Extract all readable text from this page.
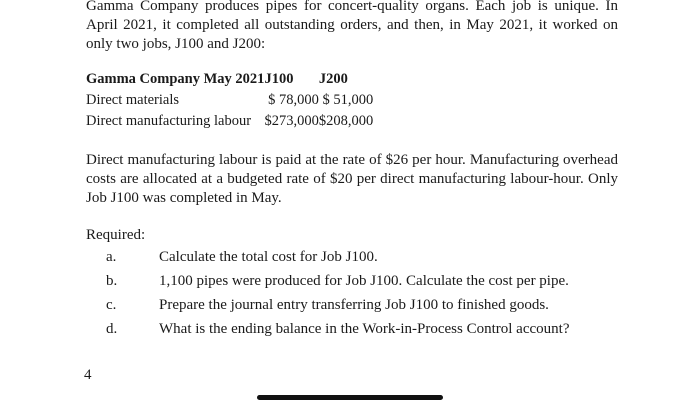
Gamma Company produces pipes for concert-quality organs. Each job is unique. In April 2021, it completed all outstanding orders, and then, in May 2021, it worked on only two jobs, J100 and J200:
Gamma Company May 2021	J100	J200
Direct materials	$ 78,000	$ 51,000
Direct manufacturing labour	$273,000	$208,000
Direct manufacturing labour is paid at the rate of $26 per hour. Manufacturing overhead costs are allocated at a budgeted rate of $20 per direct manufacturing labour-hour. Only Job J100 was completed in May.
Required:
a.	Calculate the total cost for Job J100.
b.	1,100 pipes were produced for Job J100. Calculate the cost per pipe.
c.	Prepare the journal entry transferring Job J100 to finished goods.
d.	What is the ending balance in the Work-in-Process Control account?
4
